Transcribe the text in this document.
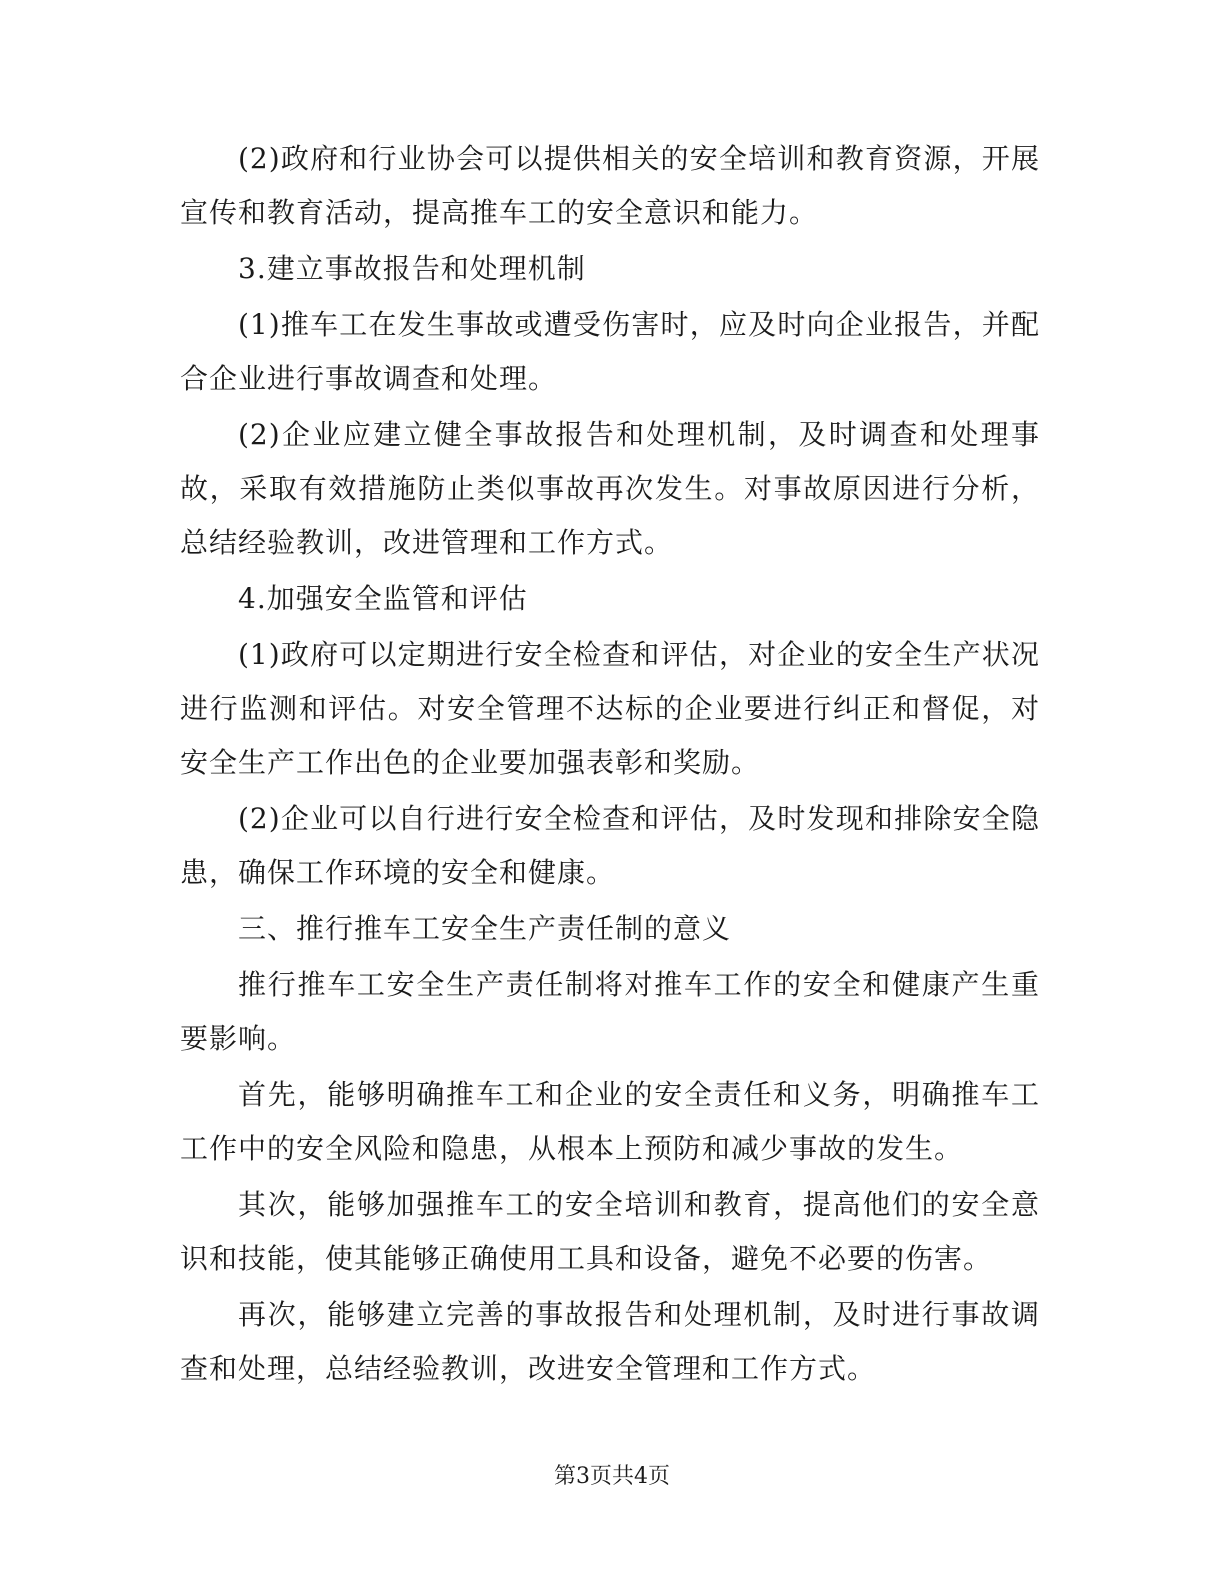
(2)政府和行业协会可以提供相关的安全培训和教育资源，开展宣传和教育活动，提高推车工的安全意识和能力。

3.建立事故报告和处理机制

(1)推车工在发生事故或遭受伤害时，应及时向企业报告，并配合企业进行事故调查和处理。

(2)企业应建立健全事故报告和处理机制，及时调查和处理事故，采取有效措施防止类似事故再次发生。对事故原因进行分析，总结经验教训，改进管理和工作方式。

4.加强安全监管和评估

(1)政府可以定期进行安全检查和评估，对企业的安全生产状况进行监测和评估。对安全管理不达标的企业要进行纠正和督促，对安全生产工作出色的企业要加强表彰和奖励。

(2)企业可以自行进行安全检查和评估，及时发现和排除安全隐患，确保工作环境的安全和健康。

三、推行推车工安全生产责任制的意义

推行推车工安全生产责任制将对推车工作的安全和健康产生重要影响。

首先，能够明确推车工和企业的安全责任和义务，明确推车工工作中的安全风险和隐患，从根本上预防和减少事故的发生。

其次，能够加强推车工的安全培训和教育，提高他们的安全意识和技能，使其能够正确使用工具和设备，避免不必要的伤害。

再次，能够建立完善的事故报告和处理机制，及时进行事故调查和处理，总结经验教训，改进安全管理和工作方式。

第3页共4页
